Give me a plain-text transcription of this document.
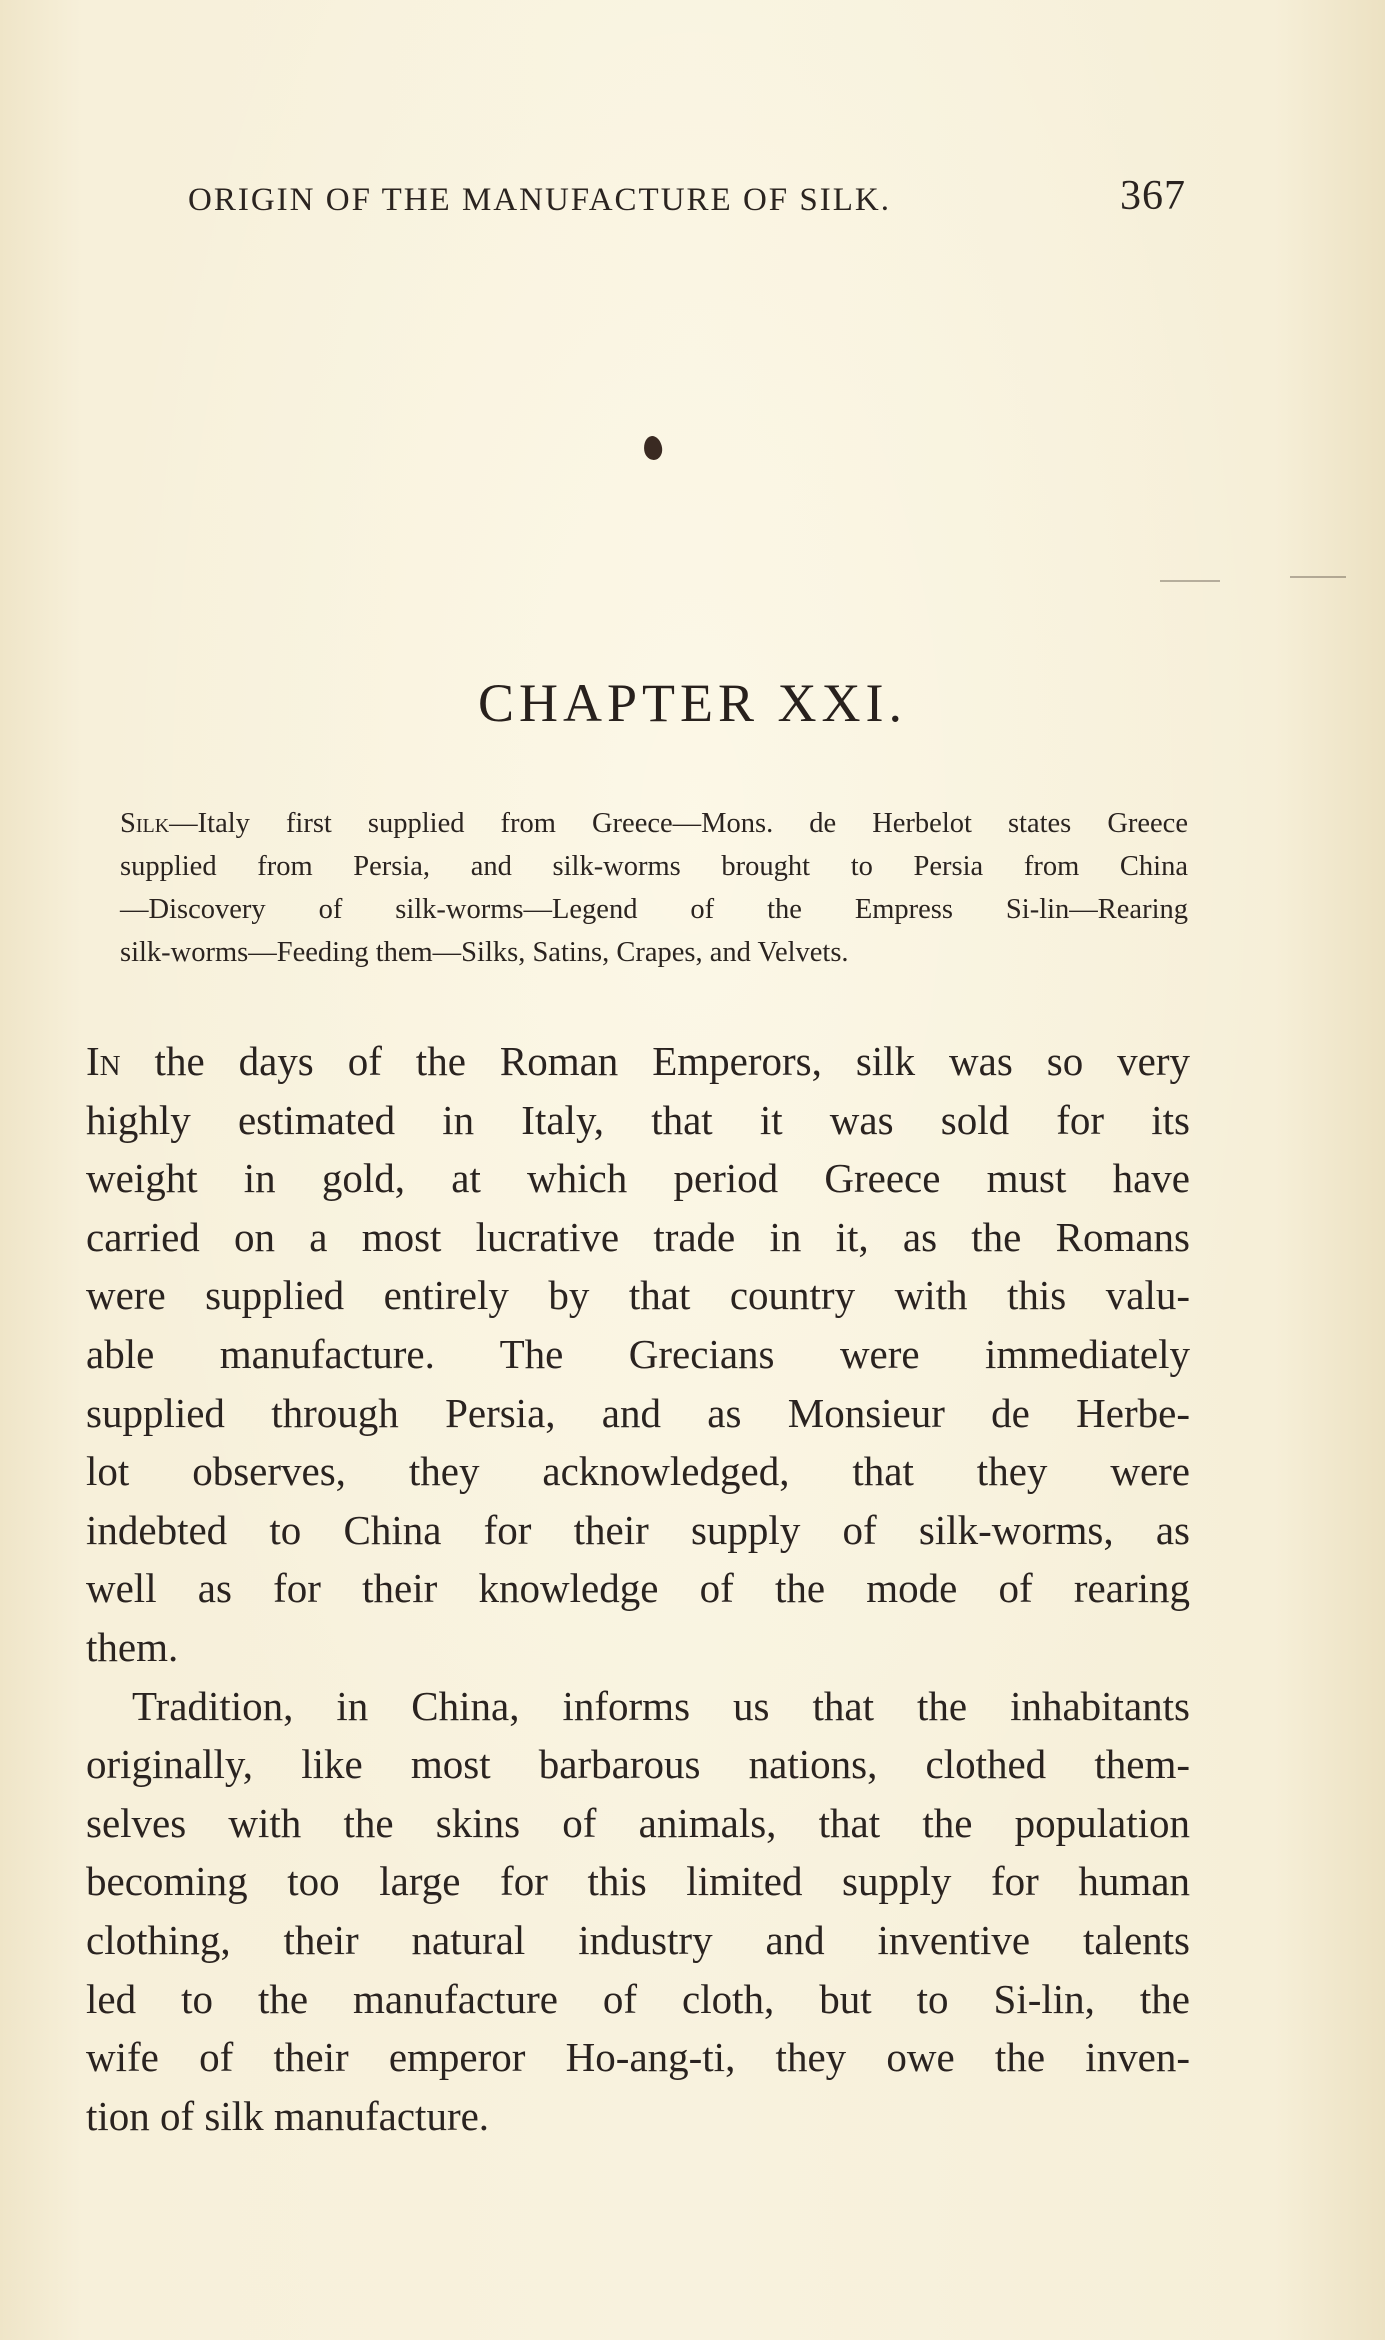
ORIGIN OF THE MANUFACTURE OF SILK.	367
CHAPTER XXI.
Silk—Italy first supplied from Greece—Mons. de Herbelot states Greece
supplied from Persia, and silk-worms brought to Persia from China
—Discovery of silk-worms—Legend of the Empress Si-lin—Rearing
silk-worms—Feeding them—Silks, Satins, Crapes, and Velvets.
In the days of the Roman Emperors, silk was so very
highly estimated in Italy, that it was sold for its
weight in gold, at which period Greece must have
carried on a most lucrative trade in it, as the Romans
were supplied entirely by that country with this valu-
able manufacture. The Grecians were immediately
supplied through Persia, and as Monsieur de Herbe-
lot observes, they acknowledged, that they were
indebted to China for their supply of silk-worms, as
well as for their knowledge of the mode of rearing
them.
Tradition, in China, informs us that the inhabitants
originally, like most barbarous nations, clothed them-
selves with the skins of animals, that the population
becoming too large for this limited supply for human
clothing, their natural industry and inventive talents
led to the manufacture of cloth, but to Si-lin, the
wife of their emperor Ho-ang-ti, they owe the inven-
tion of silk manufacture.
